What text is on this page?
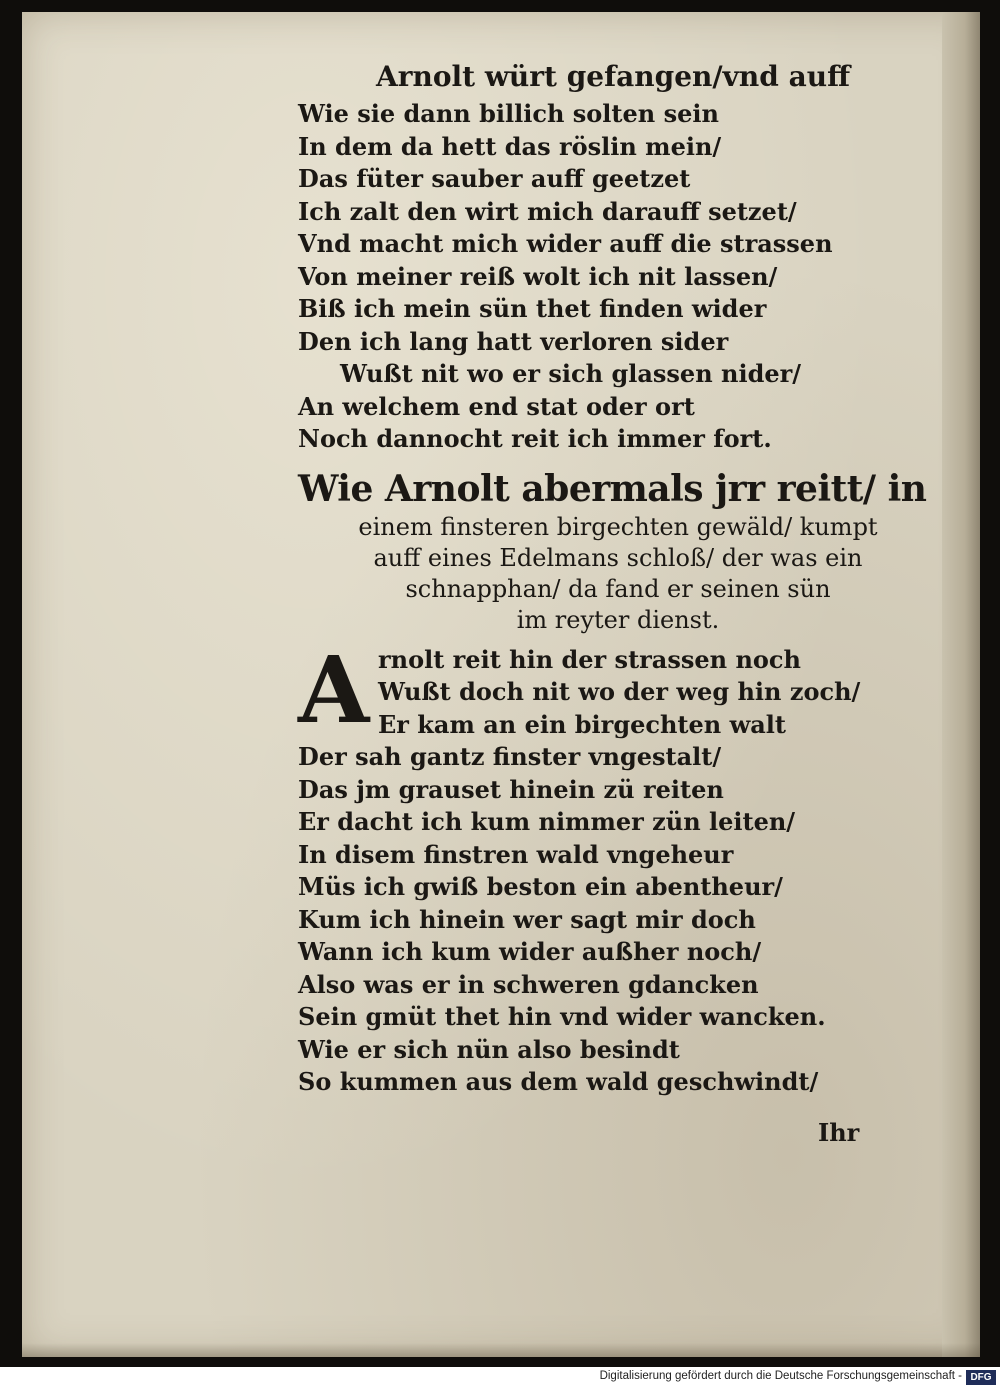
Arnolt würt gefangen/vnd auff
Wie sie dann billich solten sein
In dem da hett das röslin mein/
Das füter sauber auff geetzet
Ich zalt den wirt mich darauff setzet/
Vnd macht mich wider auff die strassen
Von meiner reiß wolt ich nit lassen/
Biß ich mein sün thet finden wider
Den ich lang hatt verloren sider
Wußt nit wo er sich glassen nider/
An welchem end stat oder ort
Noch dannocht reit ich immer fort.
Wie Arnolt abermals jrr reitt/ in
einem finsteren birgechten gewäld/ kumpt
auff eines Edelmans schloß/ der was ein
schnapphan/ da fand er seinen sün
im reyter dienst.
A rnolt reit hin der strassen noch
Wußt doch nit wo der weg hin zoch/
Er kam an ein birgechten walt
Der sah gantz finster vngestalt/
Das jm grauset hinein zü reiten
Er dacht ich kum nimmer zün leiten/
In disem finstren wald vngeheur
Müs ich gwiß beston ein abentheur/
Kum ich hinein wer sagt mir doch
Wann ich kum wider außher noch/
Also was er in schweren gdancken
Sein gmüt thet hin vnd wider wancken.
Wie er sich nün also besindt
So kummen aus dem wald geschwindt/
Ihr
Digitalisierung gefördert durch die Deutsche Forschungsgemeinschaft - DFG
